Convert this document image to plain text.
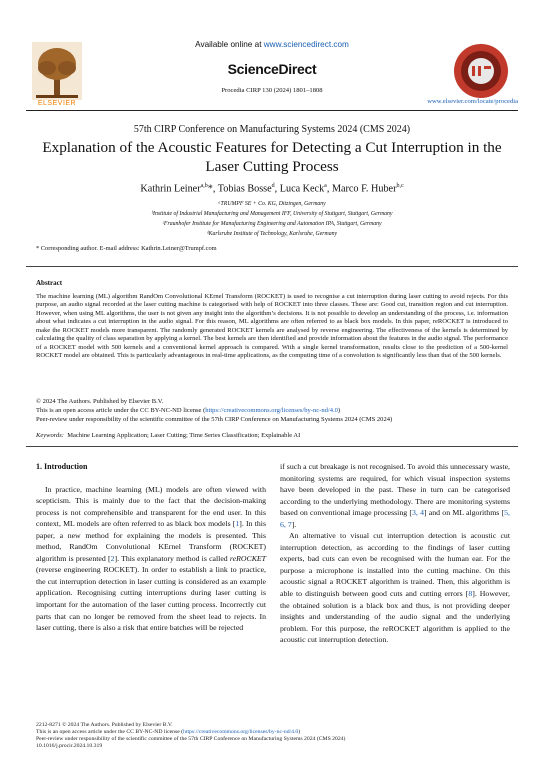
ELSEVIER
Available online at www.sciencedirect.com
ScienceDirect
Procedia CIRP 130 (2024) 1801–1808
www.elsevier.com/locate/procedia
57th CIRP Conference on Manufacturing Systems 2024 (CMS 2024)
Explanation of the Acoustic Features for Detecting a Cut Interruption in the Laser Cutting Process
Kathrin Leiner$^{a,b}$*, Tobias Bosse$^d$, Luca Keck$^a$, Marco F. Huber$^{b,c}$
ᵃTRUMPF SE + Co. KG, Ditzingen, Germany
ᵇInstitute of Industrial Manufacturing and Management IFF, University of Stuttgart, Stuttgart, Germany
ᶜFraunhofer Institute for Manufacturing Engineering and Automation IPA, Stuttgart, Germany
ᵈKarlsruhe Institute of Technology, Karlsruhe, Germany
* Corresponding author. E-mail address: Kathrin.Leiner@Trumpf.com
Abstract
The machine learning (ML) algorithm RandOm Convolutional KErnel Transform (ROCKET) is used to recognise a cut interruption during laser cutting to avoid rejects. For this purpose, an audio signal recorded at the laser cutting machine is categorised with help of ROCKET into three classes. These are: Good cut, transition region and cut interruption. However, when using ML algorithms, the user is not given any insight into the algorithm’s decisions. It is not possible to develop an understanding of the process, i.e. information about what indicates a cut interruption in the audio signal. For this reason, ML algorithms are often referred to as black box models. In this paper, reROCKET is introduced to make the ROCKET models more transparent. The randomly generated ROCKET kernels are analysed by reverse engineering. The effectiveness of the kernels is determined by calculating the quality of class separation by applying a kernel. The best kernels are then identified and provide information about the features in the audio signal. The performance of a ROCKET model with 500 kernels and a conventional kernel approach is compared. With a single kernel transformation, results close to the prediction of a 500-kernel ROCKET model are obtained. This is particularly advantageous in real-time applications, as the computing time of a convolution is significantly less than that of the 500 kernels.
© 2024 The Authors. Published by Elsevier B.V.
This is an open access article under the CC BY-NC-ND license (https://creativecommons.org/licenses/by-nc-nd/4.0)
Peer-review under responsibility of the scientific committee of the 57th CIRP Conference on Manufacturing Systems 2024 (CMS 2024)
Keywords: Machine Learning Application; Laser Cutting; Time Series Classification; Explainable AI

1. Introduction

In practice, machine learning (ML) models are often viewed with scepticism. This is mainly due to the fact that the decision-making process is not comprehensible and transparent for the end user. In this context, ML models are often referred to as black box models [1]. In this paper, a new method for explaining the models is presented. This method, RandOm Convolutional KErnel Transform (ROCKET) algorithm is presented [2]. This explanatory method is called reROCKET (reverse engineering ROCKET). In order to establish a link to practice, the cut interruption detection in laser cutting is considered as an example application. Recognising cutting interruptions during laser cutting is important for the automation of the laser cutting process. Incorrectly cut parts that can no longer be removed from the sheet lead to rejects. In laser cutting, there is also a risk that entire batches will be rejected

if such a cut breakage is not recognised. To avoid this unnecessary waste, monitoring systems are required, for which visual inspection systems have been developed in the past. These in turn can be categorised according to the underlying methodology. There are monitoring systems based on conventional image processing [3, 4] and on ML algorithms [5, 6, 7].

An alternative to visual cut interruption detection is acoustic cut interruption detection, as according to the findings of laser cutting experts, bad cuts can even be recognised with the human ear. For the purpose a microphone is installed into the cutting machine. On this acoustic signal a ROCKET algorithm is trained. Then, this algorithm is able to distinguish between good cuts and cutting errors [8]. However, the obtained solution is a black box and thus, is not providing deeper insights and understanding of the audio signal and the underlying problem. For this purpose, the reROCKET algorithm is applied to the acoustic cut interruption detection.

2212-8271 © 2024 The Authors. Published by Elsevier B.V.
This is an open access article under the CC BY-NC-ND license (https://creativecommons.org/licenses/by-nc-nd/4.0)
Peer-review under responsibility of the scientific committee of the 57th CIRP Conference on Manufacturing Systems 2024 (CMS 2024)
10.1016/j.procir.2024.10.319
